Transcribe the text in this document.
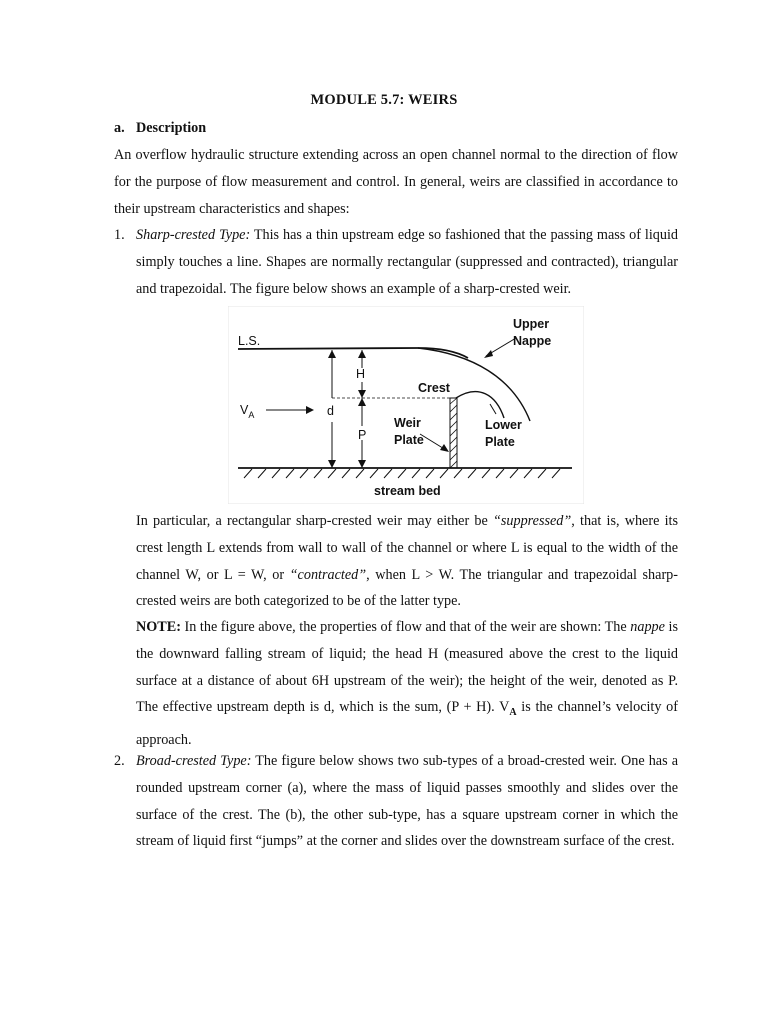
MODULE 5.7: WEIRS
a. Description
An overflow hydraulic structure extending across an open channel normal to the direction of flow for the purpose of flow measurement and control. In general, weirs are classified in accordance to their upstream characteristics and shapes:
1. Sharp-crested Type: This has a thin upstream edge so fashioned that the passing mass of liquid simply touches a line. Shapes are normally rectangular (suppressed and contracted), triangular and trapezoidal. The figure below shows an example of a sharp-crested weir.
L.S.
Upper
Nappe
H
Crest
$V_A$	d
Weir
Plate
P
Lower
Plate
stream bed
In particular, a rectangular sharp-crested weir may either be “suppressed”, that is, where its crest length L extends from wall to wall of the channel or where L is equal to the width of the channel W, or L = W, or “contracted”, when L > W. The triangular and trapezoidal sharp-crested weirs are both categorized to be of the latter type.
NOTE: In the figure above, the properties of flow and that of the weir are shown: The nappe is the downward falling stream of liquid; the head H (measured above the crest to the liquid surface at a distance of about 6H upstream of the weir); the height of the weir, denoted as P. The effective upstream depth is d, which is the sum, (P + H). $V_A$ is the channel’s velocity of approach.
2. Broad-crested Type: The figure below shows two sub-types of a broad-crested weir. One has a rounded upstream corner (a), where the mass of liquid passes smoothly and slides over the surface of the crest. The (b), the other sub-type, has a square upstream corner in which the stream of liquid first “jumps” at the corner and slides over the downstream surface of the crest.
